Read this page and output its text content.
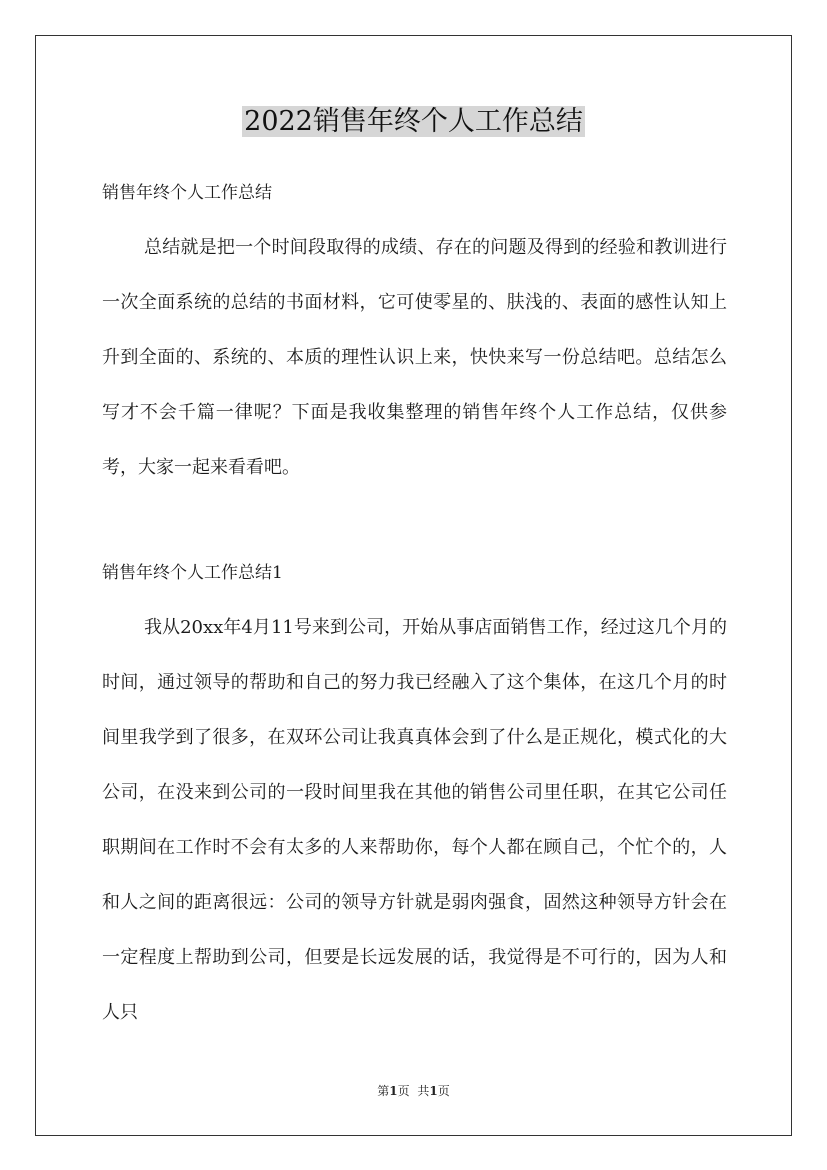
2022销售年终个人工作总结
销售年终个人工作总结

总结就是把一个时间段取得的成绩、存在的问题及得到的经验和教训进行一次全面系统的总结的书面材料，它可使零星的、肤浅的、表面的感性认知上升到全面的、系统的、本质的理性认识上来，快快来写一份总结吧。总结怎么写才不会千篇一律呢？下面是我收集整理的销售年终个人工作总结，仅供参考，大家一起来看看吧。

销售年终个人工作总结1

我从20xx年4月11号来到公司，开始从事店面销售工作，经过这几个月的时间，通过领导的帮助和自己的努力我已经融入了这个集体，在这几个月的时间里我学到了很多，在双环公司让我真真体会到了什么是正规化，模式化的大公司，在没来到公司的一段时间里我在其他的销售公司里任职，在其它公司任职期间在工作时不会有太多的人来帮助你，每个人都在顾自己，个忙个的，人和人之间的距离很远：公司的领导方针就是弱肉强食，固然这种领导方针会在一定程度上帮助到公司，但要是长远发展的话，我觉得是不可行的，因为人和人只

第1页 共1页
